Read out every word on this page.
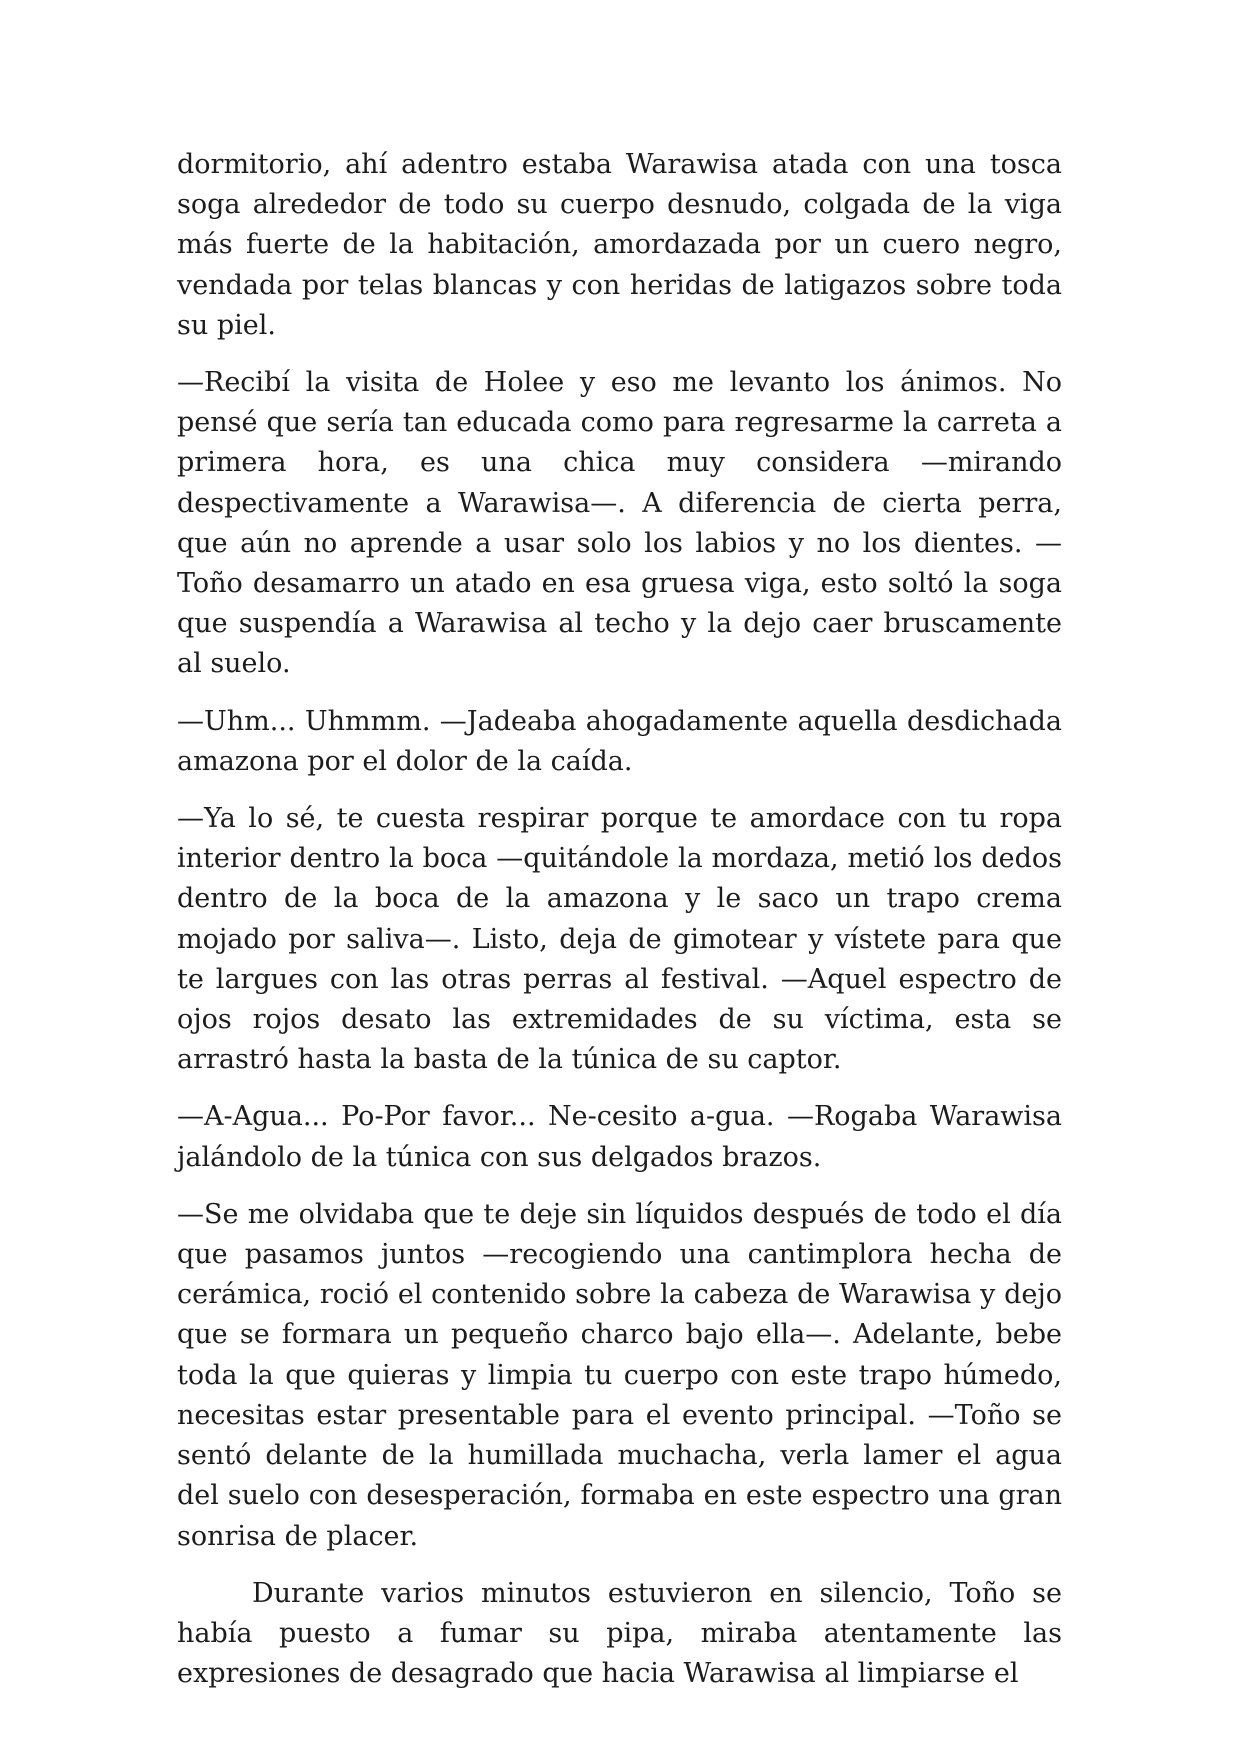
dormitorio, ahí adentro estaba Warawisa atada con una tosca soga alrededor de todo su cuerpo desnudo, colgada de la viga más fuerte de la habitación, amordazada por un cuero negro, vendada por telas blancas y con heridas de latigazos sobre toda su piel.

—Recibí la visita de Holee y eso me levanto los ánimos. No pensé que sería tan educada como para regresarme la carreta a primera hora, es una chica muy considera —mirando despectivamente a Warawisa—. A diferencia de cierta perra, que aún no aprende a usar solo los labios y no los dientes. —Toño desamarro un atado en esa gruesa viga, esto soltó la soga que suspendía a Warawisa al techo y la dejo caer bruscamente al suelo.

—Uhm... Uhmmm. —Jadeaba ahogadamente aquella desdichada amazona por el dolor de la caída.

—Ya lo sé, te cuesta respirar porque te amordace con tu ropa interior dentro la boca —quitándole la mordaza, metió los dedos dentro de la boca de la amazona y le saco un trapo crema mojado por saliva—. Listo, deja de gimotear y vístete para que te largues con las otras perras al festival. —Aquel espectro de ojos rojos desato las extremidades de su víctima, esta se arrastró hasta la basta de la túnica de su captor.

—A-Agua... Po-Por favor... Ne-cesito a-gua. —Rogaba Warawisa jalándolo de la túnica con sus delgados brazos.

—Se me olvidaba que te deje sin líquidos después de todo el día que pasamos juntos —recogiendo una cantimplora hecha de cerámica, roció el contenido sobre la cabeza de Warawisa y dejo que se formara un pequeño charco bajo ella—. Adelante, bebe toda la que quieras y limpia tu cuerpo con este trapo húmedo, necesitas estar presentable para el evento principal. —Toño se sentó delante de la humillada muchacha, verla lamer el agua del suelo con desesperación, formaba en este espectro una gran sonrisa de placer.

Durante varios minutos estuvieron en silencio, Toño se había puesto a fumar su pipa, miraba atentamente las expresiones de desagrado que hacia Warawisa al limpiarse el
